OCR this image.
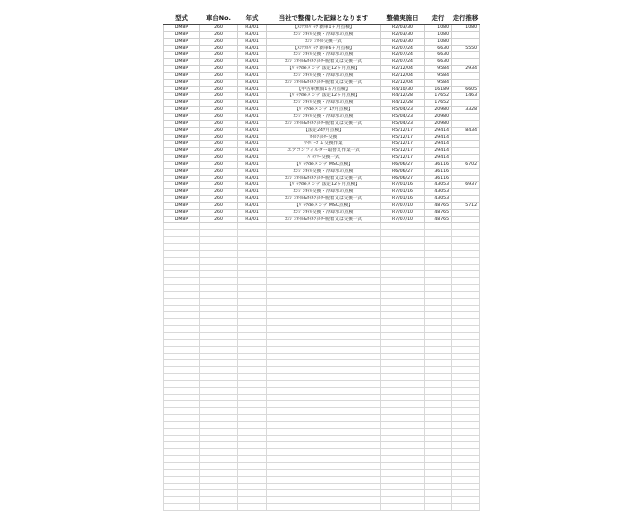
型式	車台No.	年式	当社で整備した記録となります	整備実施日	走行	走行推移
DM8P	260	R3/01	【ﾒﾝﾃﾌﾙﾊﾟｯｸ 新車1ヶ月点検】	R2/03/30	1080	1080
DM8P	260	R3/01	ｴﾝｼﾞﾝｵｲﾙ交換・冷却水の点検	R2/03/30	1080	
DM8P	260	R3/01	ｴﾝｼﾞﾝｵｲﾙ交換一式	R2/03/30	1080	
DM8P	260	R3/01	【ﾒﾝﾃﾌﾙﾊﾟｯｸ 新車6ヶ月点検】	R2/07/24	6630	5550
DM8P	260	R3/01	ｴﾝｼﾞﾝｵｲﾙ交換・冷却水の点検	R2/07/24	6630	
DM8P	260	R3/01	ｴﾝｼﾞﾝｵｲﾙ&ｵｲﾙﾌｨﾙﾀｰ脱着又は交換一式	R2/07/24	6630	
DM8P	260	R3/01	【ﾊﾟｯｸdeメンテ 法定12ヶ月点検】	R2/12/04	9584	2934
DM8P	260	R3/01	ｴﾝｼﾞﾝｵｲﾙ交換・冷却水の点検	R2/12/04	9584	
DM8P	260	R3/01	ｴﾝｼﾞﾝｵｲﾙ&ｵｲﾙﾌｨﾙﾀｰ脱着又は交換一式	R2/12/04	9584	
DM8P	260	R3/01	【中古車無償1ヵ月点検】	R4/10/30	16189	6605
DM8P	260	R3/01	【ﾊﾟｯｸdeメンテ 法定12ヶ月点検】	R4/12/28	17652	1463
DM8P	260	R3/01	ｴﾝｼﾞﾝｵｲﾙ交換・冷却水の点検	R4/12/28	17652	
DM8P	260	R3/01	【ﾊﾟｯｸdeメンテ 1ｹ月点検】	R5/04/23	20980	3328
DM8P	260	R3/01	ｴﾝｼﾞﾝｵｲﾙ交換・冷却水の点検	R5/04/23	20980	
DM8P	260	R3/01	ｴﾝｼﾞﾝｵｲﾙ&ｵｲﾙﾌｨﾙﾀｰ脱着又は交換一式	R5/04/23	20980	
DM8P	260	R3/01	【法定24ｹ月点検】	R5/12/17	29414	8434
DM8P	260	R3/01	ｵｲﾙﾌｨﾙﾀｰ交換	R5/12/17	29414	
DM8P	260	R3/01	ﾜｲﾊﾟｰｺﾞﾑ 交換作業	R5/12/17	29414	
DM8P	260	R3/01	エアコンフィルター取替え作業一式	R5/12/17	29414	
DM8P	260	R3/01	ﾊﾞｯﾃﾘｰ交換一式	R5/12/17	29414	
DM8P	260	R3/01	【ﾊﾟｯｸdeメンテ MSC点検】	R6/06/27	36116	6702
DM8P	260	R3/01	ｴﾝｼﾞﾝｵｲﾙ交換・冷却水の点検	R6/06/27	36116	
DM8P	260	R3/01	ｴﾝｼﾞﾝｵｲﾙ&ｵｲﾙﾌｨﾙﾀｰ脱着又は交換一式	R6/06/27	36116	
DM8P	260	R3/01	【ﾊﾟｯｸdeメンテ 法定12ヶ月点検】	R7/01/16	43053	6937
DM8P	260	R3/01	ｴﾝｼﾞﾝｵｲﾙ交換・冷却水の点検	R7/01/16	43053	
DM8P	260	R3/01	ｴﾝｼﾞﾝｵｲﾙ&ｵｲﾙﾌｨﾙﾀｰ脱着又は交換一式	R7/01/16	43053	
DM8P	260	R3/01	【ﾊﾟｯｸdeメンテ MSC点検】	R7/07/10	48765	5712
DM8P	260	R3/01	ｴﾝｼﾞﾝｵｲﾙ交換・冷却水の点検	R7/07/10	48765	
DM8P	260	R3/01	ｴﾝｼﾞﾝｵｲﾙ&ｵｲﾙﾌｨﾙﾀｰ脱着又は交換一式	R7/07/10	48765	
